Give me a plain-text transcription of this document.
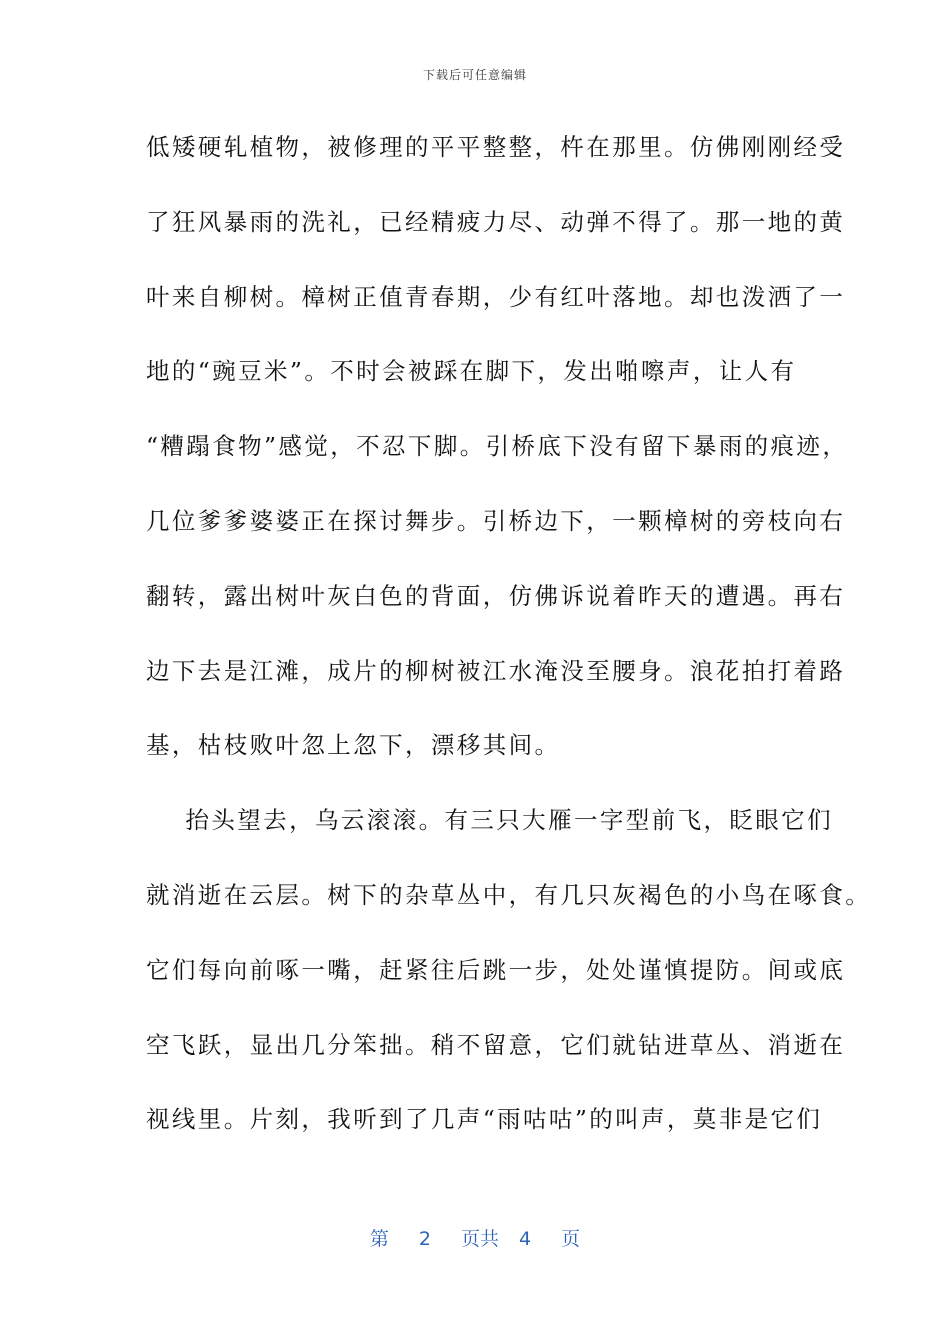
下载后可任意编辑
低矮硬轧植物，被修理的平平整整，杵在那里。仿佛刚刚经受
了狂风暴雨的洗礼，已经精疲力尽、动弹不得了。那一地的黄
叶来自柳树。樟树正值青春期，少有红叶落地。却也泼洒了一
地的“豌豆米”。不时会被踩在脚下，发出啪嚓声，让人有
“糟蹋食物”感觉，不忍下脚。引桥底下没有留下暴雨的痕迹，
几位爹爹婆婆正在探讨舞步。引桥边下，一颗樟树的旁枝向右
翻转，露出树叶灰白色的背面，仿佛诉说着昨天的遭遇。再右
边下去是江滩，成片的柳树被江水淹没至腰身。浪花拍打着路
基，枯枝败叶忽上忽下，漂移其间。
抬头望去，乌云滚滚。有三只大雁一字型前飞，眨眼它们
就消逝在云层。树下的杂草丛中，有几只灰褐色的小鸟在啄食。
它们每向前啄一嘴，赶紧往后跳一步，处处谨慎提防。间或底
空飞跃，显出几分笨拙。稍不留意，它们就钻进草丛、消逝在
视线里。片刻，我听到了几声“雨咕咕”的叫声，莫非是它们
第 2 页共 4 页
